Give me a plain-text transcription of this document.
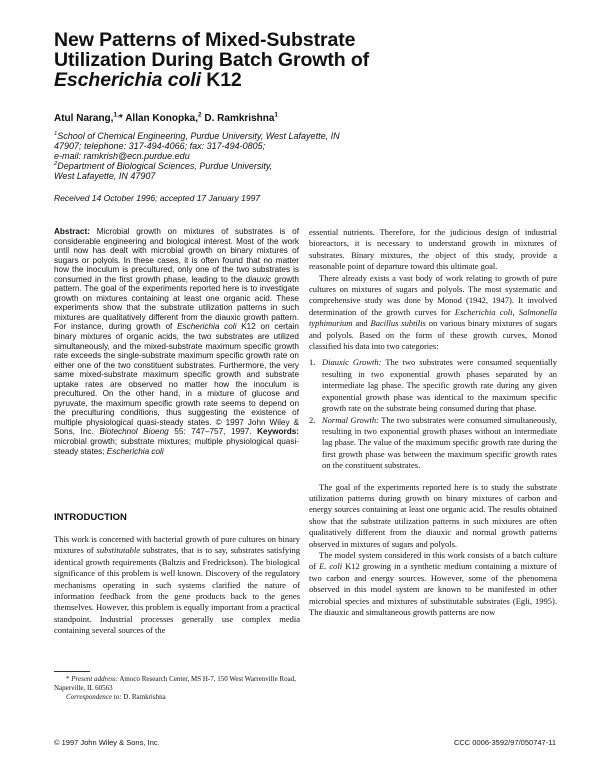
New Patterns of Mixed-Substrate
Utilization During Batch Growth of
Escherichia coli K12
Atul Narang,$^{1,}$* Allan Konopka,$^2$ D. Ramkrishna$^1$
$^1$School of Chemical Engineering, Purdue University, West Lafayette, IN
47907; telephone: 317-494-4066; fax: 317-494-0805;
e-mail: ramkrish@ecn.purdue.edu
$^2$Department of Biological Sciences, Purdue University,
West Lafayette, IN 47907
Received 14 October 1996; accepted 17 January 1997
Abstract: Microbial growth on mixtures of substrates is of considerable engineering and biological interest. Most of the work until now has dealt with microbial growth on binary mixtures of sugars or polyols. In these cases, it is often found that no matter how the inoculum is precultured, only one of the two substrates is consumed in the first growth phase, leading to the diauxic growth pattern. The goal of the experiments reported here is to investigate growth on mixtures containing at least one organic acid. These experiments show that the substrate utilization patterns in such mixtures are qualitatively different from the diauxic growth pattern. For instance, during growth of Escherichia coli K12 on certain binary mixtures of organic acids, the two substrates are utilized simultaneously, and the mixed-substrate maximum specific growth rate exceeds the single-substrate maximum specific growth rate on either one of the two constituent substrates. Furthermore, the very same mixed-substrate maximum specific growth and substrate uptake rates are observed no matter how the inoculum is precultured. On the other hand, in a mixture of glucose and pyruvate, the maximum specific growth rate seems to depend on the preculturing conditions, thus suggesting the existence of multiple physiological quasi-steady states. © 1997 John Wiley & Sons, Inc. Biotechnol Bioeng 55: 747–757, 1997. Keywords: microbial growth; substrate mixtures; multiple physiological quasi-steady states; Escherichia coli
INTRODUCTION
This work is concerned with bacterial growth of pure cultures on binary mixtures of substitutable substrates, that is to say, substrates satisfying identical growth requirements (Baltzis and Fredrickson). The biological significance of this problem is well known. Discovery of the regulatory mechanisms operating in such systems clarified the nature of information feedback from the gene products back to the genes themselves. However, this problem is equally important from a practical standpoint. Industrial processes generally use complex media containing several sources of the
* Present address: Amoco Research Center, MS H-7, 150 West Warrenville Road, Naperville, IL 60563
Correspondence to: D. Ramkrishna

essential nutrients. Therefore, for the judicious design of industrial bioreactors, it is necessary to understand growth in mixtures of substrates. Binary mixtures, the object of this study, provide a reasonable point of departure toward this ultimate goal.

There already exists a vast body of work relating to growth of pure cultures on mixtures of sugars and polyols. The most systematic and comprehensive study was done by Monod (1942, 1947). It involved determination of the growth curves for Escherichia coli, Salmonella typhimurium and Bacillus subtilis on various binary mixtures of sugars and polyols. Based on the form of these growth curves, Monod classified his data into two categories:

1. Diauxic Growth: The two substrates were consumed sequentially resulting in two exponential growth phases separated by an intermediate lag phase. The specific growth rate during any given exponential growth phase was identical to the maximum specific growth rate on the substrate being consumed during that phase.
2. Normal Growth: The two substrates were consumed simultaneously, resulting in two exponential growth phases without an intermediate lag phase. The value of the maximum specific growth rate during the first growth phase was between the maximum specific growth rates on the constituent substrates.

The goal of the experiments reported here is to study the substrate utilization patterns during growth on binary mixtures of carbon and energy sources containing at least one organic acid. The results obtained show that the substrate utilization patterns in such mixtures are often qualitatively different from the diauxic and normal growth patterns observed in mixtures of sugars and polyols.

The model system considered in this work consists of a batch culture of E. coli K12 growing in a synthetic medium containing a mixture of two carbon and energy sources. However, some of the phenomena observed in this model system are known to be manifested in other microbial species and mixtures of substitutable substrates (Egli, 1995). The diauxic and simultaneous growth patterns are now

© 1997 John Wiley & Sons, Inc.	CCC 0006-3592/97/050747-11
